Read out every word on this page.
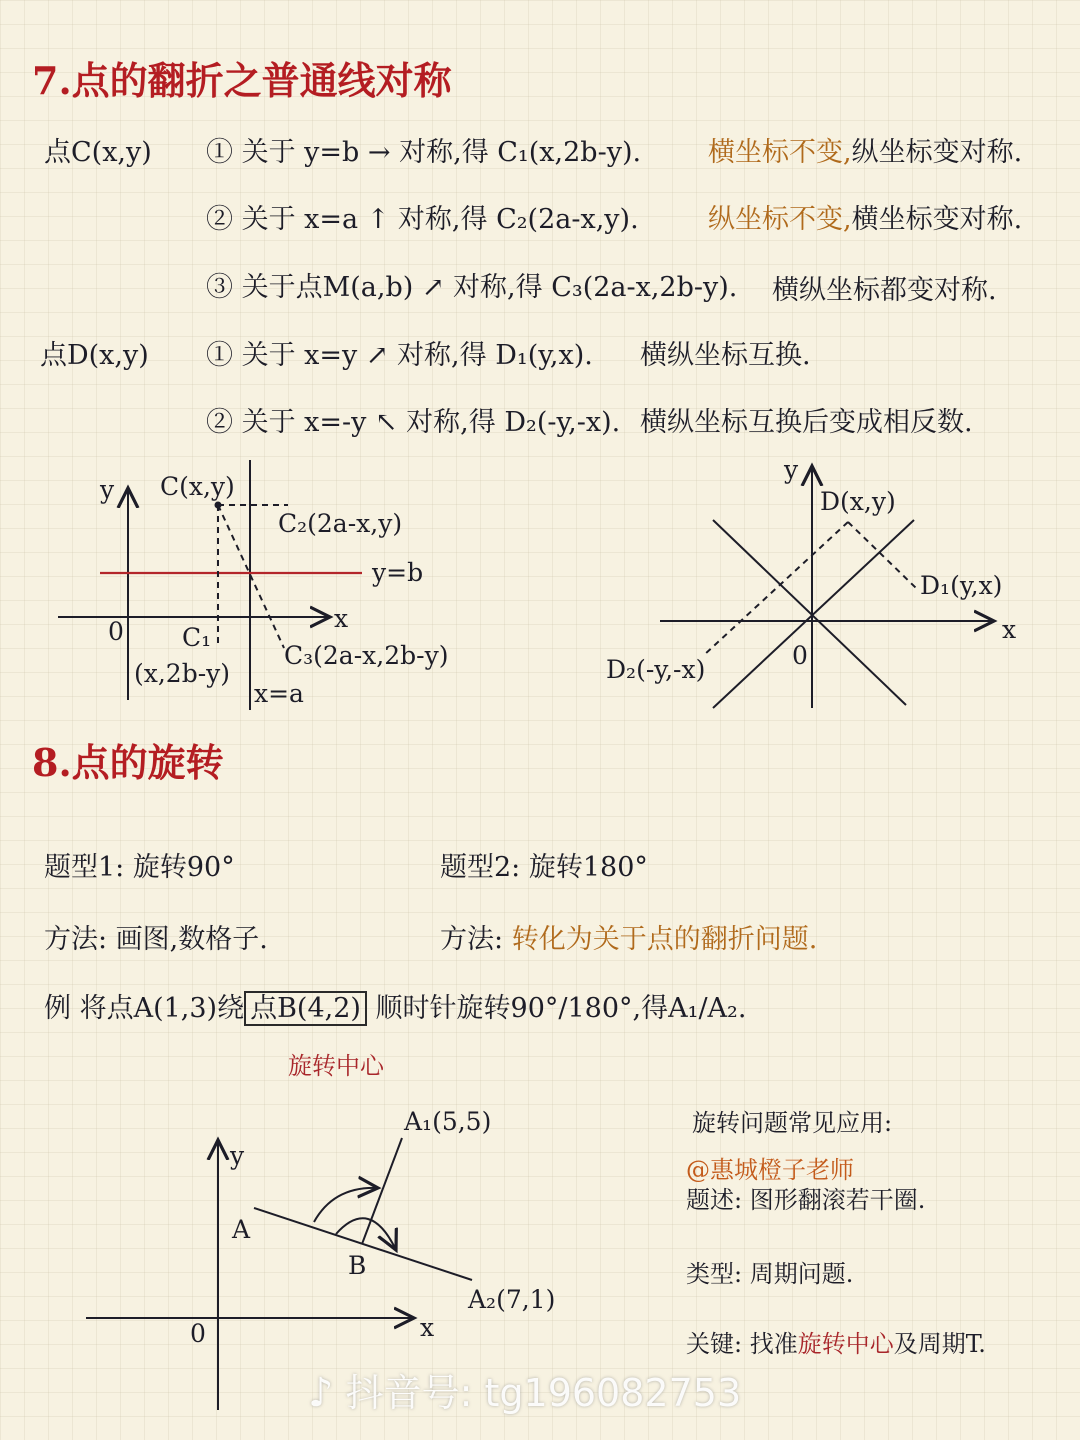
7.点的翻折之普通线对称
点C(x,y) ① 关于 y=b → 对称,得 C₁(x,2b-y). 横坐标不变,纵坐标变对称.
② 关于 x=a ↑ 对称,得 C₂(2a-x,y).	纵坐标不变,横坐标变对称.
③ 关于点M(a,b) ↗ 对称,得 C₃(2a-x,2b-y). 横纵坐标都变对称.
点D(x,y) ① 关于 x=y ↗ 对称,得 D₁(y,x). 横纵坐标互换.
② 关于 x=-y ↖ 对称,得 D₂(-y,-x). 横纵坐标互换后变成相反数.
y
x
0
C(x,y)
C₂(2a-x,y)
y=b
C₁
(x,2b-y)
C₃(2a-x,2b-y)
x=a
y
x
0
D(x,y)
D₁(y,x)
D₂(-y,-x)
y
x
0
A
B
A₁(5,5)
A₂(7,1)
8.点的旋转
题型1: 旋转90°	题型2: 旋转180°
方法: 画图,数格子.	方法: 转化为关于点的翻折问题.
例 将点A(1,3)绕 点B(4,2) 顺时针旋转90°/180°,得A₁/A₂.
旋转中心
旋转问题常见应用:
@惠城橙子老师
题述: 图形翻滚若干圈.
类型: 周期问题.
关键: 找准旋转中心及周期T.
♪ 抖音号: tg196082753
